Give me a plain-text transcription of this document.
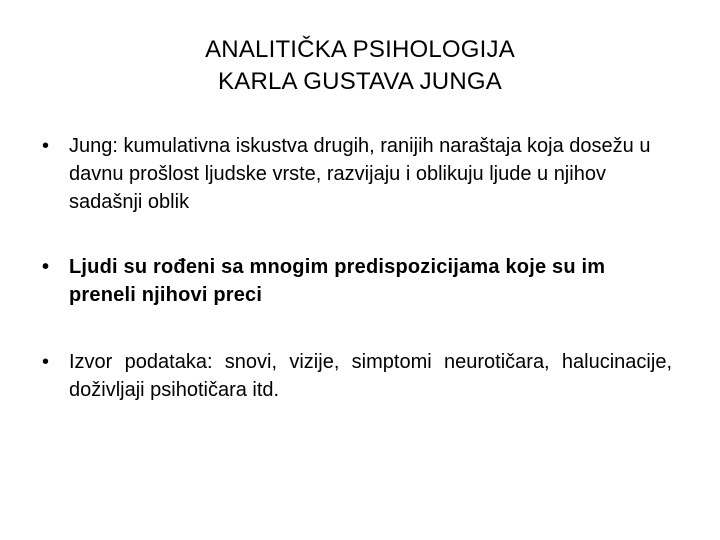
ANALITIČKA PSIHOLOGIJA
KARLA GUSTAVA JUNGA
• Jung: kumulativna iskustva drugih, ranijih naraštaja koja dosežu u davnu prošlost ljudske vrste, razvijaju i oblikuju ljude u njihov sadašnji oblik
• Ljudi su rođeni sa mnogim predispozicijama koje su im preneli njihovi preci
• Izvor podataka: snovi, vizije, simptomi neurotičara, halucinacije, doživljaji psihotičara itd.
